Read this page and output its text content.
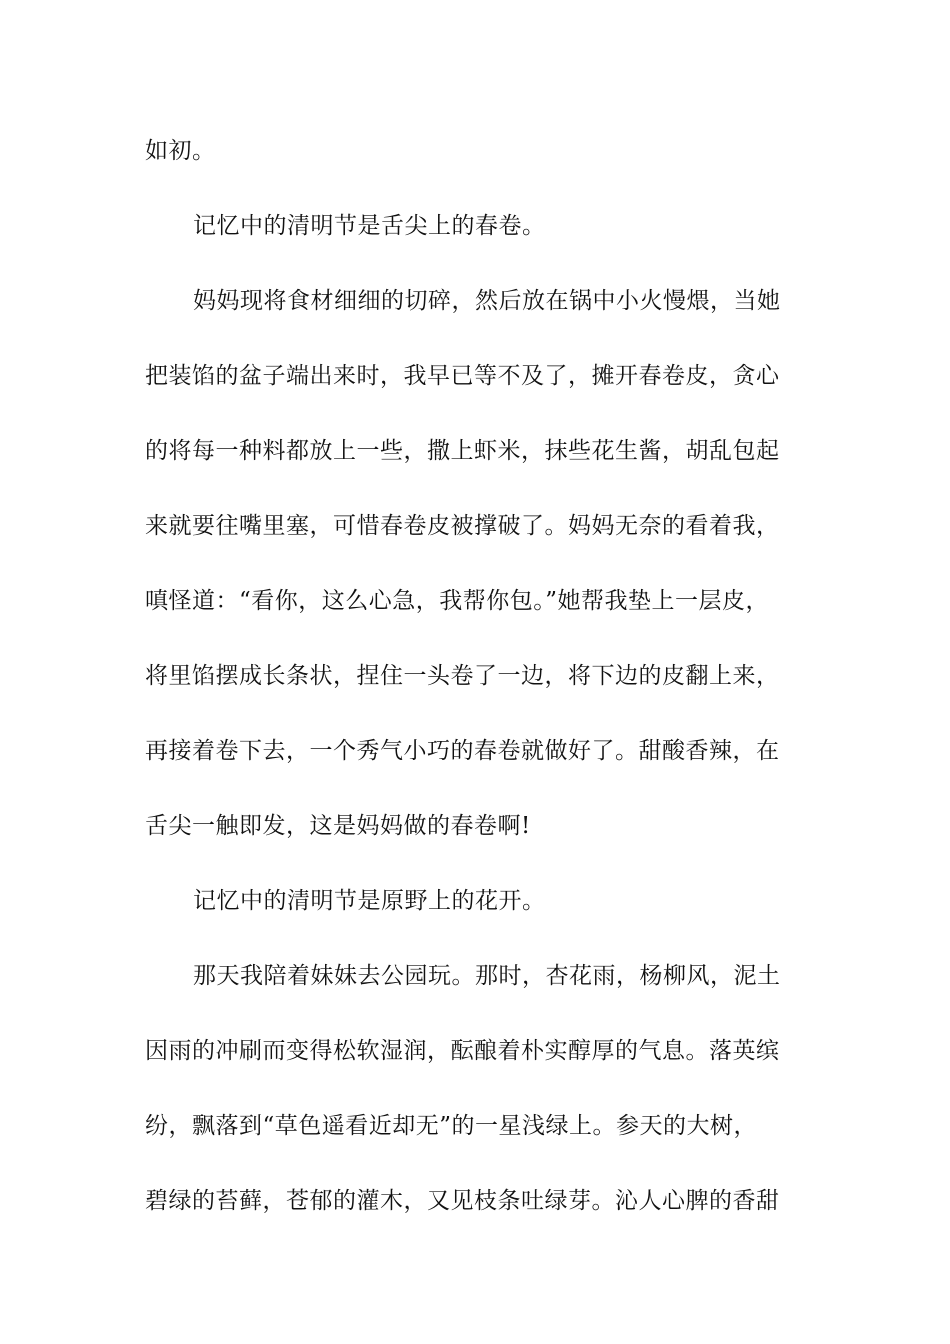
如初。
记忆中的清明节是舌尖上的春卷。
妈妈现将食材细细的切碎，然后放在锅中小火慢煨，当她
把装馅的盆子端出来时，我早已等不及了，摊开春卷皮，贪心
的将每一种料都放上一些，撒上虾米，抹些花生酱，胡乱包起
来就要往嘴里塞，可惜春卷皮被撑破了。妈妈无奈的看着我，
嗔怪道：“看你，这么心急，我帮你包。”她帮我垫上一层皮，
将里馅摆成长条状，捏住一头卷了一边，将下边的皮翻上来，
再接着卷下去，一个秀气小巧的春卷就做好了。甜酸香辣，在
舌尖一触即发，这是妈妈做的春卷啊!
记忆中的清明节是原野上的花开。
那天我陪着妹妹去公园玩。那时，杏花雨，杨柳风，泥土
因雨的冲刷而变得松软湿润，酝酿着朴实醇厚的气息。落英缤
纷，飘落到“草色遥看近却无”的一星浅绿上。参天的大树，
碧绿的苔藓，苍郁的灌木，又见枝条吐绿芽。沁人心脾的香甜
